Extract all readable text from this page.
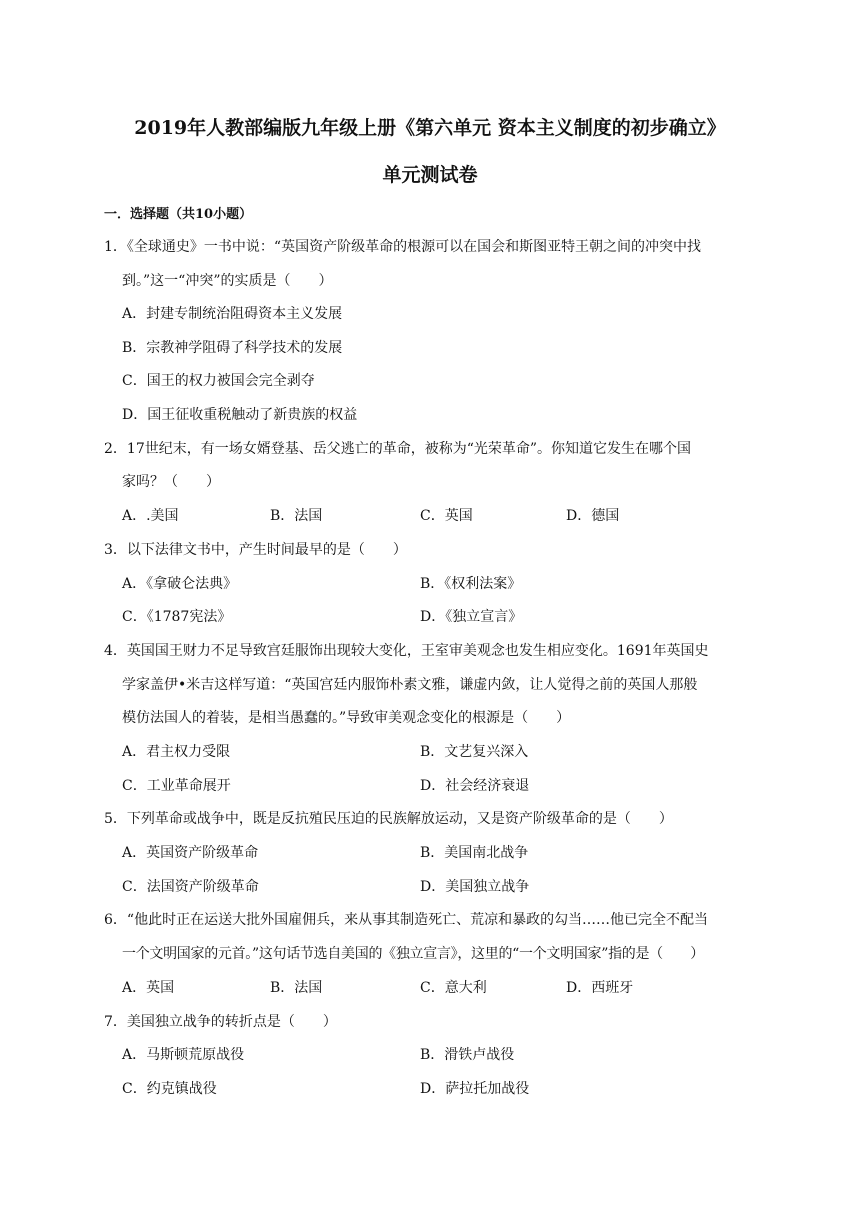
2019年人教部编版九年级上册《第六单元 资本主义制度的初步确立》
单元测试卷
一．选择题（共10小题）
1．《全球通史》一书中说：“英国资产阶级革命的根源可以在国会和斯图亚特王朝之间的冲突中找
到。”这一“冲突”的实质是（　　）
A．封建专制统治阻碍资本主义发展
B．宗教神学阻碍了科学技术的发展
C．国王的权力被国会完全剥夺
D．国王征收重税触动了新贵族的权益
2．17世纪末，有一场女婿登基、岳父逃亡的革命，被称为“光荣革命”。你知道它发生在哪个国
家吗？（　　）
A．.美国	B．法国	C．英国	D．德国
3．以下法律文书中，产生时间最早的是（　　）
A．《拿破仑法典》	B．《权利法案》
C．《1787宪法》	D．《独立宣言》
4．英国国王财力不足导致宫廷服饰出现较大变化，王室审美观念也发生相应变化。1691年英国史
学家盖伊•米吉这样写道：“英国宫廷内服饰朴素文雅，谦虚内敛，让人觉得之前的英国人那般
模仿法国人的着装，是相当愚蠢的。”导致审美观念变化的根源是（　　）
A．君主权力受限	B．文艺复兴深入
C．工业革命展开	D．社会经济衰退
5．下列革命或战争中，既是反抗殖民压迫的民族解放运动，又是资产阶级革命的是（　　）
A．英国资产阶级革命	B．美国南北战争
C．法国资产阶级革命	D．美国独立战争
6．“他此时正在运送大批外国雇佣兵，来从事其制造死亡、荒凉和暴政的勾当……他已完全不配当
一个文明国家的元首。”这句话节选自美国的《独立宣言》，这里的“一个文明国家”指的是（　　）
A．英国	B．法国	C．意大利	D．西班牙
7．美国独立战争的转折点是（　　）
A．马斯顿荒原战役	B．滑铁卢战役
C．约克镇战役	D．萨拉托加战役
